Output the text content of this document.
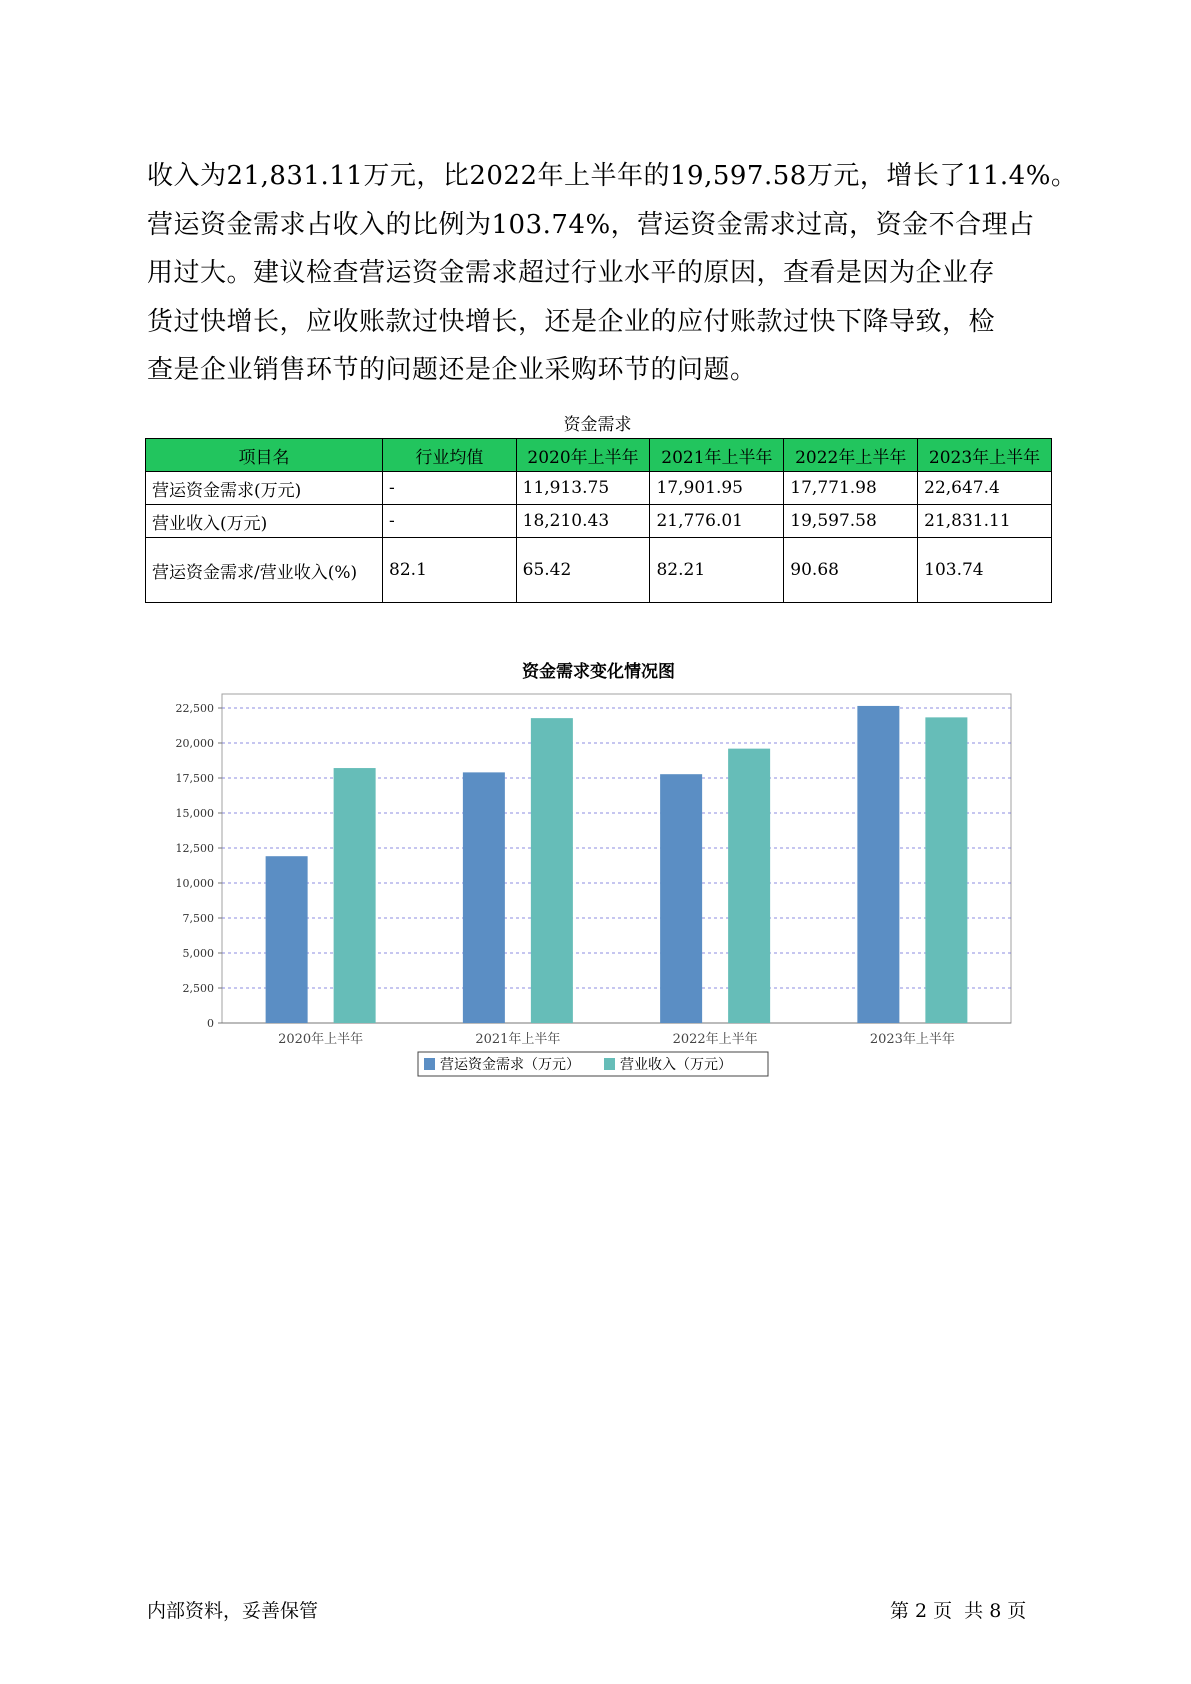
收入为21,831.11万元，比2022年上半年的19,597.58万元，增长了11.4%。
营运资金需求占收入的比例为103.74%，营运资金需求过高，资金不合理占
用过大。建议检查营运资金需求超过行业水平的原因，查看是因为企业存
货过快增长，应收账款过快增长，还是企业的应付账款过快下降导致，检
查是企业销售环节的问题还是企业采购环节的问题。
资金需求
项目名	行业均值	2020年上半年	2021年上半年	2022年上半年	2023年上半年
营运资金需求(万元)	-	11,913.75	17,901.95	17,771.98	22,647.4
营业收入(万元)	-	18,210.43	21,776.01	19,597.58	21,831.11
营运资金需求/营业收入(%)	82.1	65.42	82.21	90.68	103.74
资金需求变化情况图
0
2,500
5,000
7,500
10,000
12,500
15,000
17,500
20,000
22,500
2020年上半年	2021年上半年	2022年上半年	2023年上半年
营运资金需求（万元）	营业收入（万元）
内部资料，妥善保管	第 2 页 共 8 页
